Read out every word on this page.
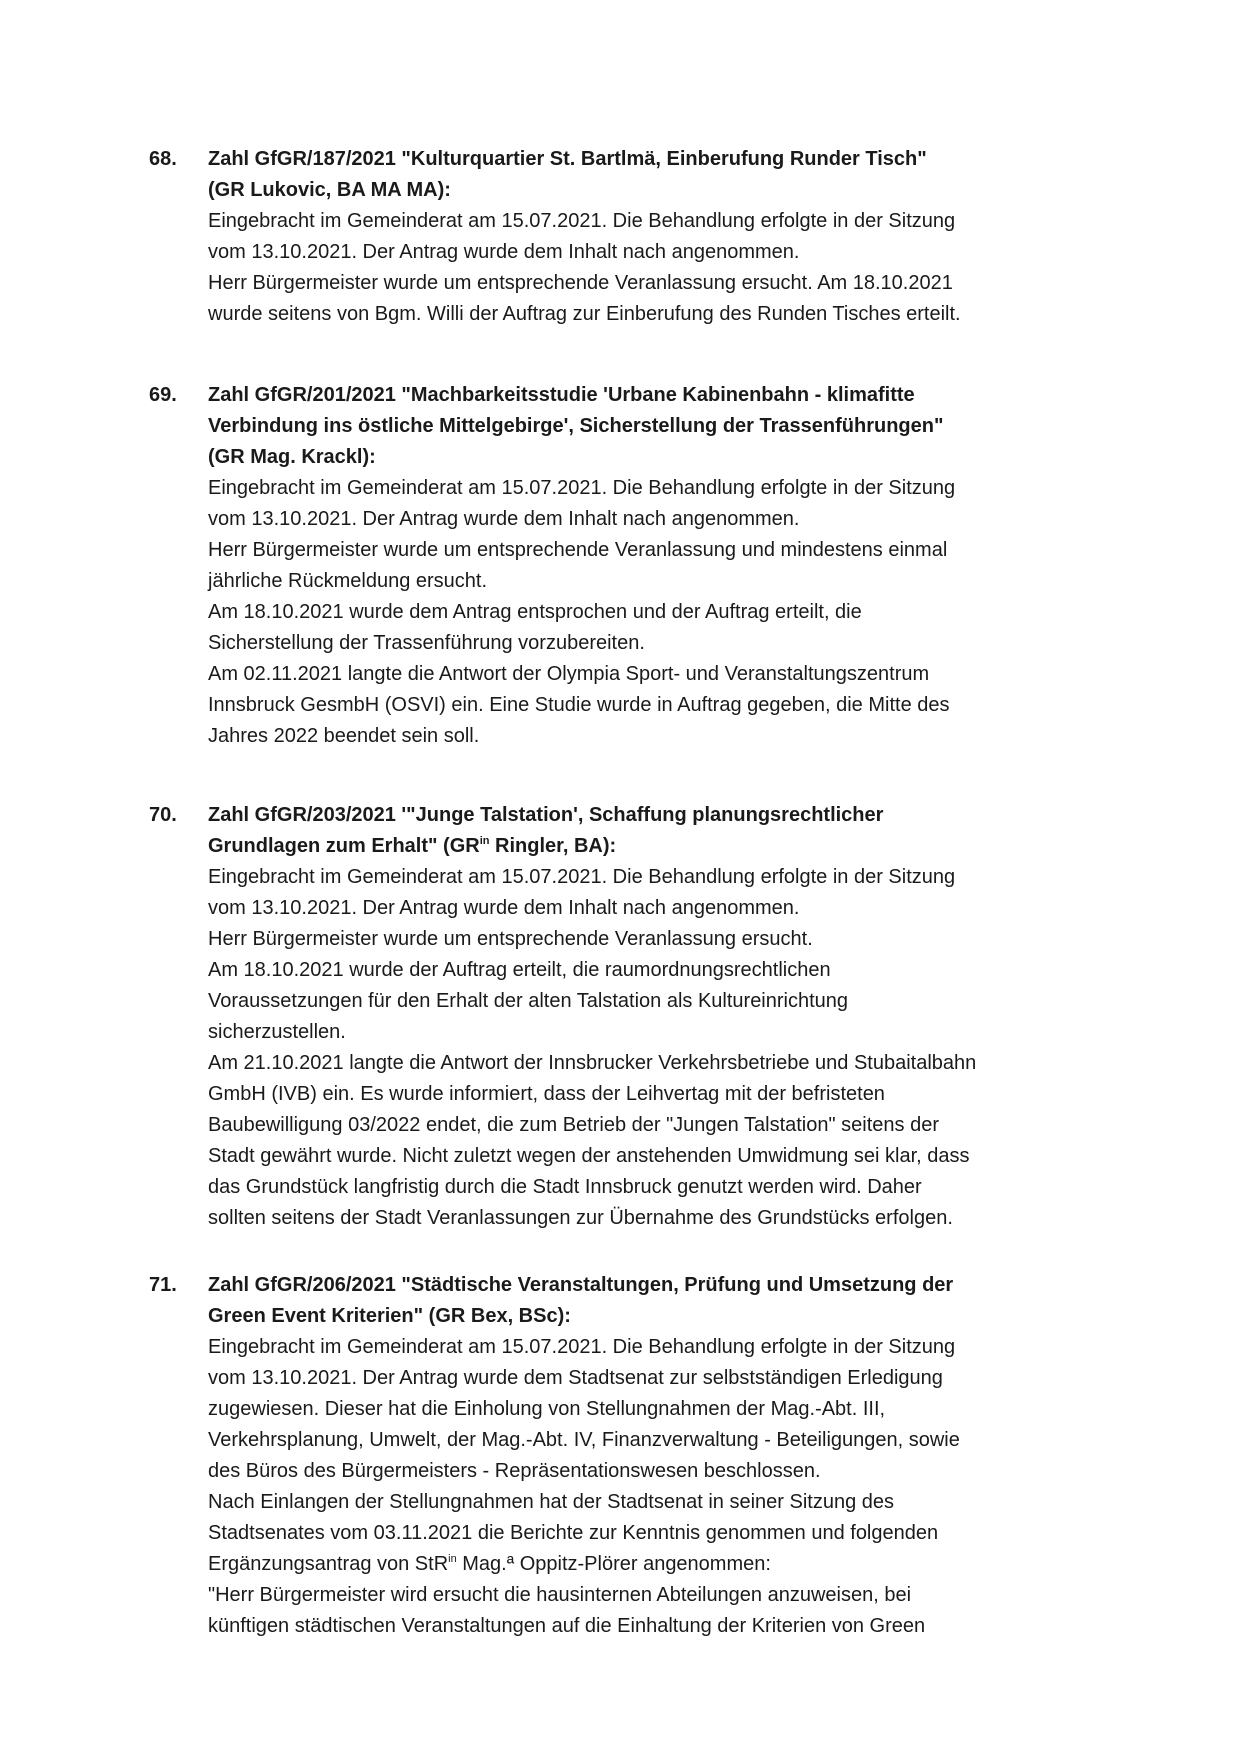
68. Zahl GfGR/187/2021 "Kulturquartier St. Bartlmä, Einberufung Runder Tisch"

(GR Lukovic, BA MA MA):

Eingebracht im Gemeinderat am 15.07.2021. Die Behandlung erfolgte in der Sitzung

vom 13.10.2021. Der Antrag wurde dem Inhalt nach angenommen.

Herr Bürgermeister wurde um entsprechende Veranlassung ersucht. Am 18.10.2021

wurde seitens von Bgm. Willi der Auftrag zur Einberufung des Runden Tisches erteilt.

69. Zahl GfGR/201/2021 "Machbarkeitsstudie 'Urbane Kabinenbahn - klimafitte

Verbindung ins östliche Mittelgebirge', Sicherstellung der Trassenführungen"

(GR Mag. Krackl):

Eingebracht im Gemeinderat am 15.07.2021. Die Behandlung erfolgte in der Sitzung

vom 13.10.2021. Der Antrag wurde dem Inhalt nach angenommen.

Herr Bürgermeister wurde um entsprechende Veranlassung und mindestens einmal

jährliche Rückmeldung ersucht.

Am 18.10.2021 wurde dem Antrag entsprochen und der Auftrag erteilt, die

Sicherstellung der Trassenführung vorzubereiten.

Am 02.11.2021 langte die Antwort der Olympia Sport- und Veranstaltungszentrum

Innsbruck GesmbH (OSVI) ein. Eine Studie wurde in Auftrag gegeben, die Mitte des

Jahres 2022 beendet sein soll.

70. Zahl GfGR/203/2021 '"Junge Talstation', Schaffung planungsrechtlicher

Grundlagen zum Erhalt" ($GR^{in}$ Ringler, BA):

Eingebracht im Gemeinderat am 15.07.2021. Die Behandlung erfolgte in der Sitzung

vom 13.10.2021. Der Antrag wurde dem Inhalt nach angenommen.

Herr Bürgermeister wurde um entsprechende Veranlassung ersucht.

Am 18.10.2021 wurde der Auftrag erteilt, die raumordnungsrechtlichen

Voraussetzungen für den Erhalt der alten Talstation als Kultureinrichtung

sicherzustellen.

Am 21.10.2021 langte die Antwort der Innsbrucker Verkehrsbetriebe und Stubaitalbahn

GmbH (IVB) ein. Es wurde informiert, dass der Leihvertag mit der befristeten

Baubewilligung 03/2022 endet, die zum Betrieb der "Jungen Talstation" seitens der

Stadt gewährt wurde. Nicht zuletzt wegen der anstehenden Umwidmung sei klar, dass

das Grundstück langfristig durch die Stadt Innsbruck genutzt werden wird. Daher

sollten seitens der Stadt Veranlassungen zur Übernahme des Grundstücks erfolgen.

71. Zahl GfGR/206/2021 "Städtische Veranstaltungen, Prüfung und Umsetzung der

Green Event Kriterien" (GR Bex, BSc):

Eingebracht im Gemeinderat am 15.07.2021. Die Behandlung erfolgte in der Sitzung

vom 13.10.2021. Der Antrag wurde dem Stadtsenat zur selbstständigen Erledigung

zugewiesen. Dieser hat die Einholung von Stellungnahmen der Mag.-Abt. III,

Verkehrsplanung, Umwelt, der Mag.-Abt. IV, Finanzverwaltung - Beteiligungen, sowie

des Büros des Bürgermeisters - Repräsentationswesen beschlossen.

Nach Einlangen der Stellungnahmen hat der Stadtsenat in seiner Sitzung des

Stadtsenates vom 03.11.2021 die Berichte zur Kenntnis genommen und folgenden

Ergänzungsantrag von StR$^{in}$ Mag.ª Oppitz-Plörer angenommen:

"Herr Bürgermeister wird ersucht die hausinternen Abteilungen anzuweisen, bei

künftigen städtischen Veranstaltungen auf die Einhaltung der Kriterien von Green
